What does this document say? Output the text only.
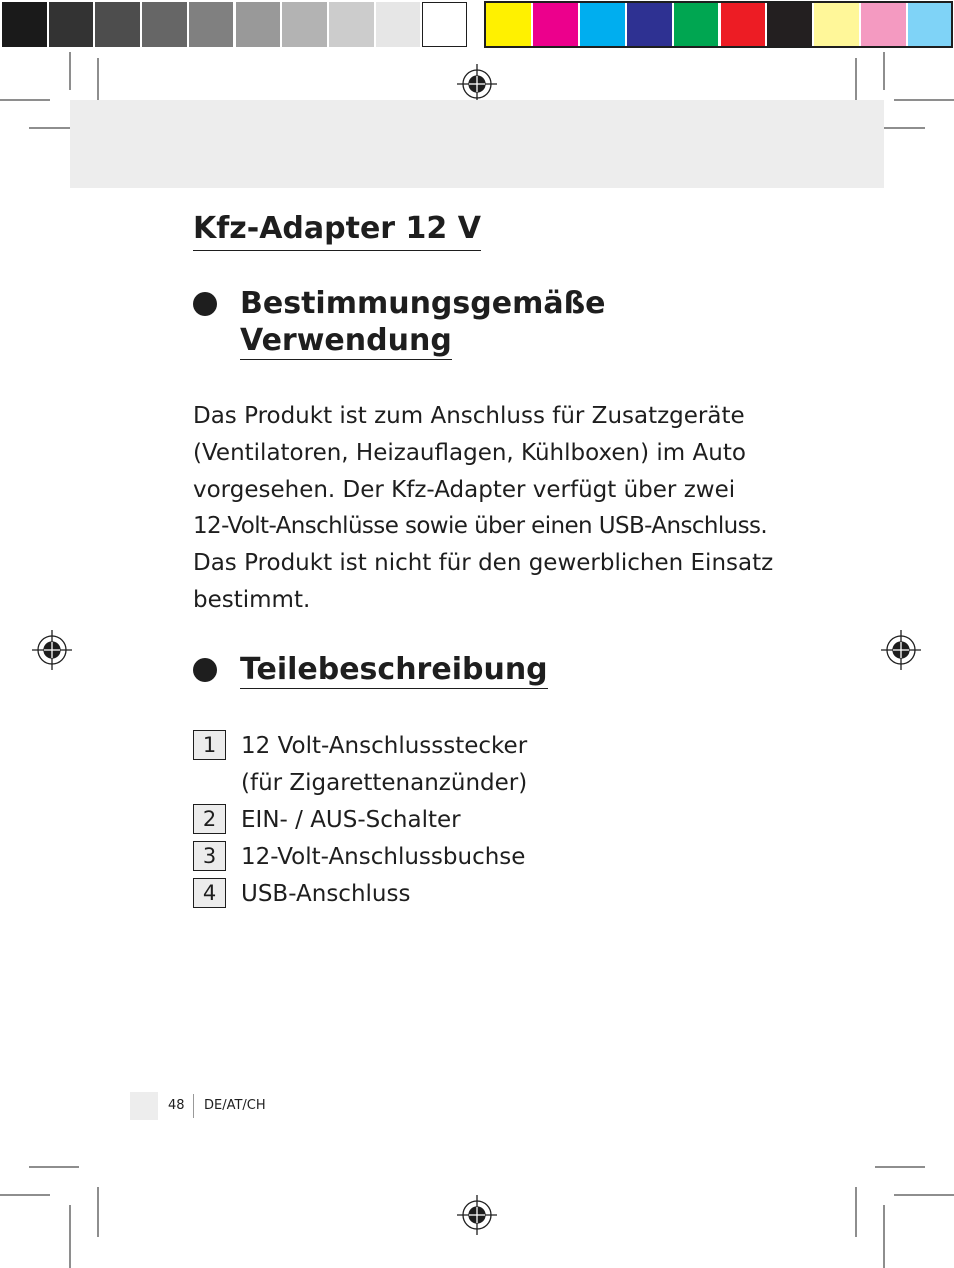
Kfz-Adapter 12 V
Bestimmungsgemäße
Verwendung

Das Produkt ist zum Anschluss für Zusatzgeräte
(Ventilatoren, Heizauflagen, Kühlboxen) im Auto
vorgesehen. Der Kfz-Adapter verfügt über zwei
12-Volt-Anschlüsse sowie über einen USB-Anschluss.
Das Produkt ist nicht für den gewerblichen Einsatz
bestimmt.

Teilebeschreibung
1	12 Volt-Anschlussstecker
(für Zigarettenanzünder)
2	EIN- / AUS-Schalter
3	12-Volt-Anschlussbuchse
4	USB-Anschluss
48 DE/AT/CH
